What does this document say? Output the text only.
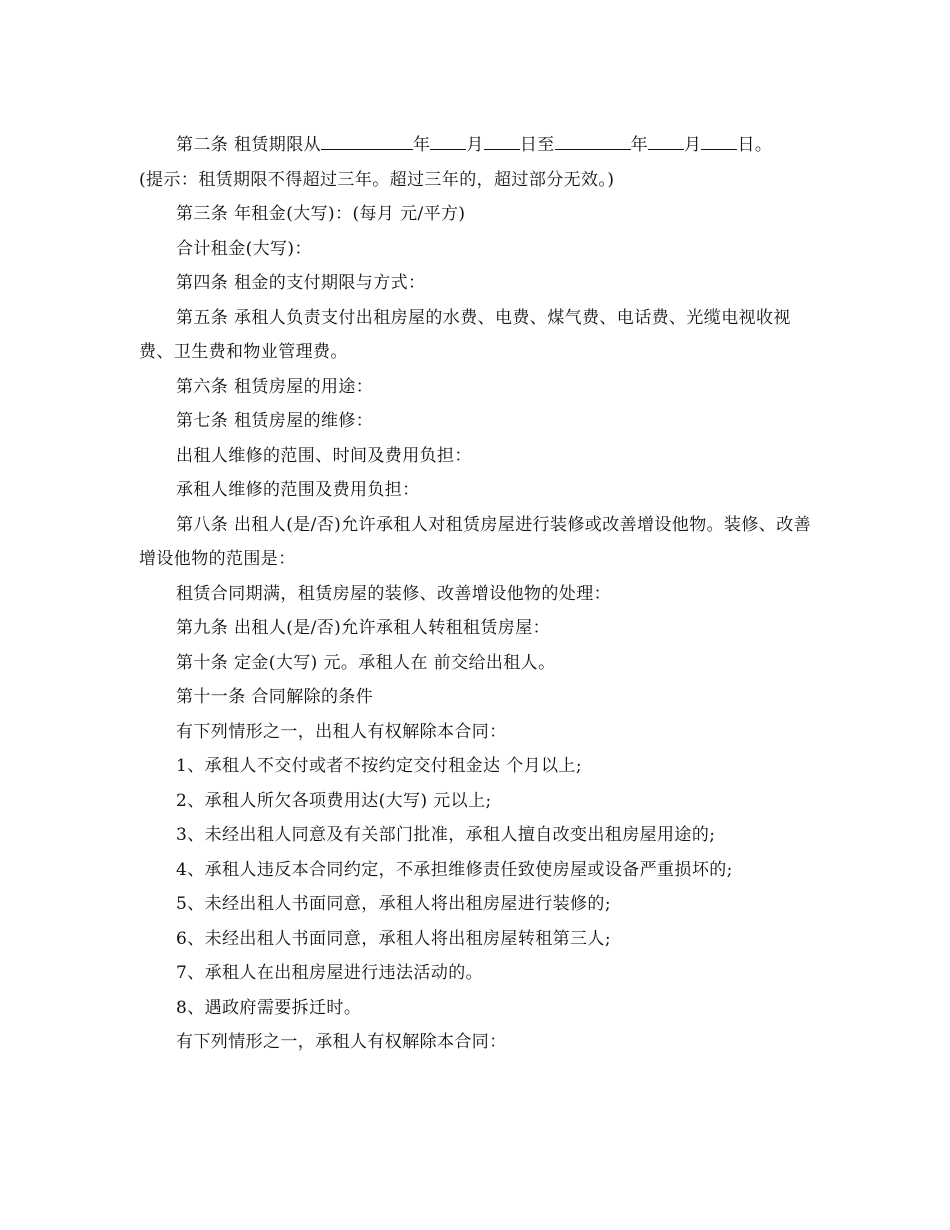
第二条 租赁期限从	年 月 日至	年 月 日。

(提示：租赁期限不得超过三年。超过三年的，超过部分无效。)

第三条 年租金(大写)：(每月 元/平方)

合计租金(大写)：

第四条 租金的支付期限与方式：

第五条 承租人负责支付出租房屋的水费、电费、煤气费、电话费、光缆电视收视费、卫生费和物业管理费。

第六条 租赁房屋的用途：

第七条 租赁房屋的维修：

出租人维修的范围、时间及费用负担：

承租人维修的范围及费用负担：

第八条 出租人(是/否)允许承租人对租赁房屋进行装修或改善增设他物。装修、改善增设他物的范围是：

租赁合同期满，租赁房屋的装修、改善增设他物的处理：

第九条 出租人(是/否)允许承租人转租租赁房屋：

第十条 定金(大写) 元。承租人在 前交给出租人。

第十一条 合同解除的条件

有下列情形之一，出租人有权解除本合同：

1、承租人不交付或者不按约定交付租金达 个月以上;

2、承租人所欠各项费用达(大写) 元以上;

3、未经出租人同意及有关部门批准，承租人擅自改变出租房屋用途的;

4、承租人违反本合同约定，不承担维修责任致使房屋或设备严重损坏的;

5、未经出租人书面同意，承租人将出租房屋进行装修的;

6、未经出租人书面同意，承租人将出租房屋转租第三人;

7、承租人在出租房屋进行违法活动的。

8、遇政府需要拆迁时。

有下列情形之一，承租人有权解除本合同：
